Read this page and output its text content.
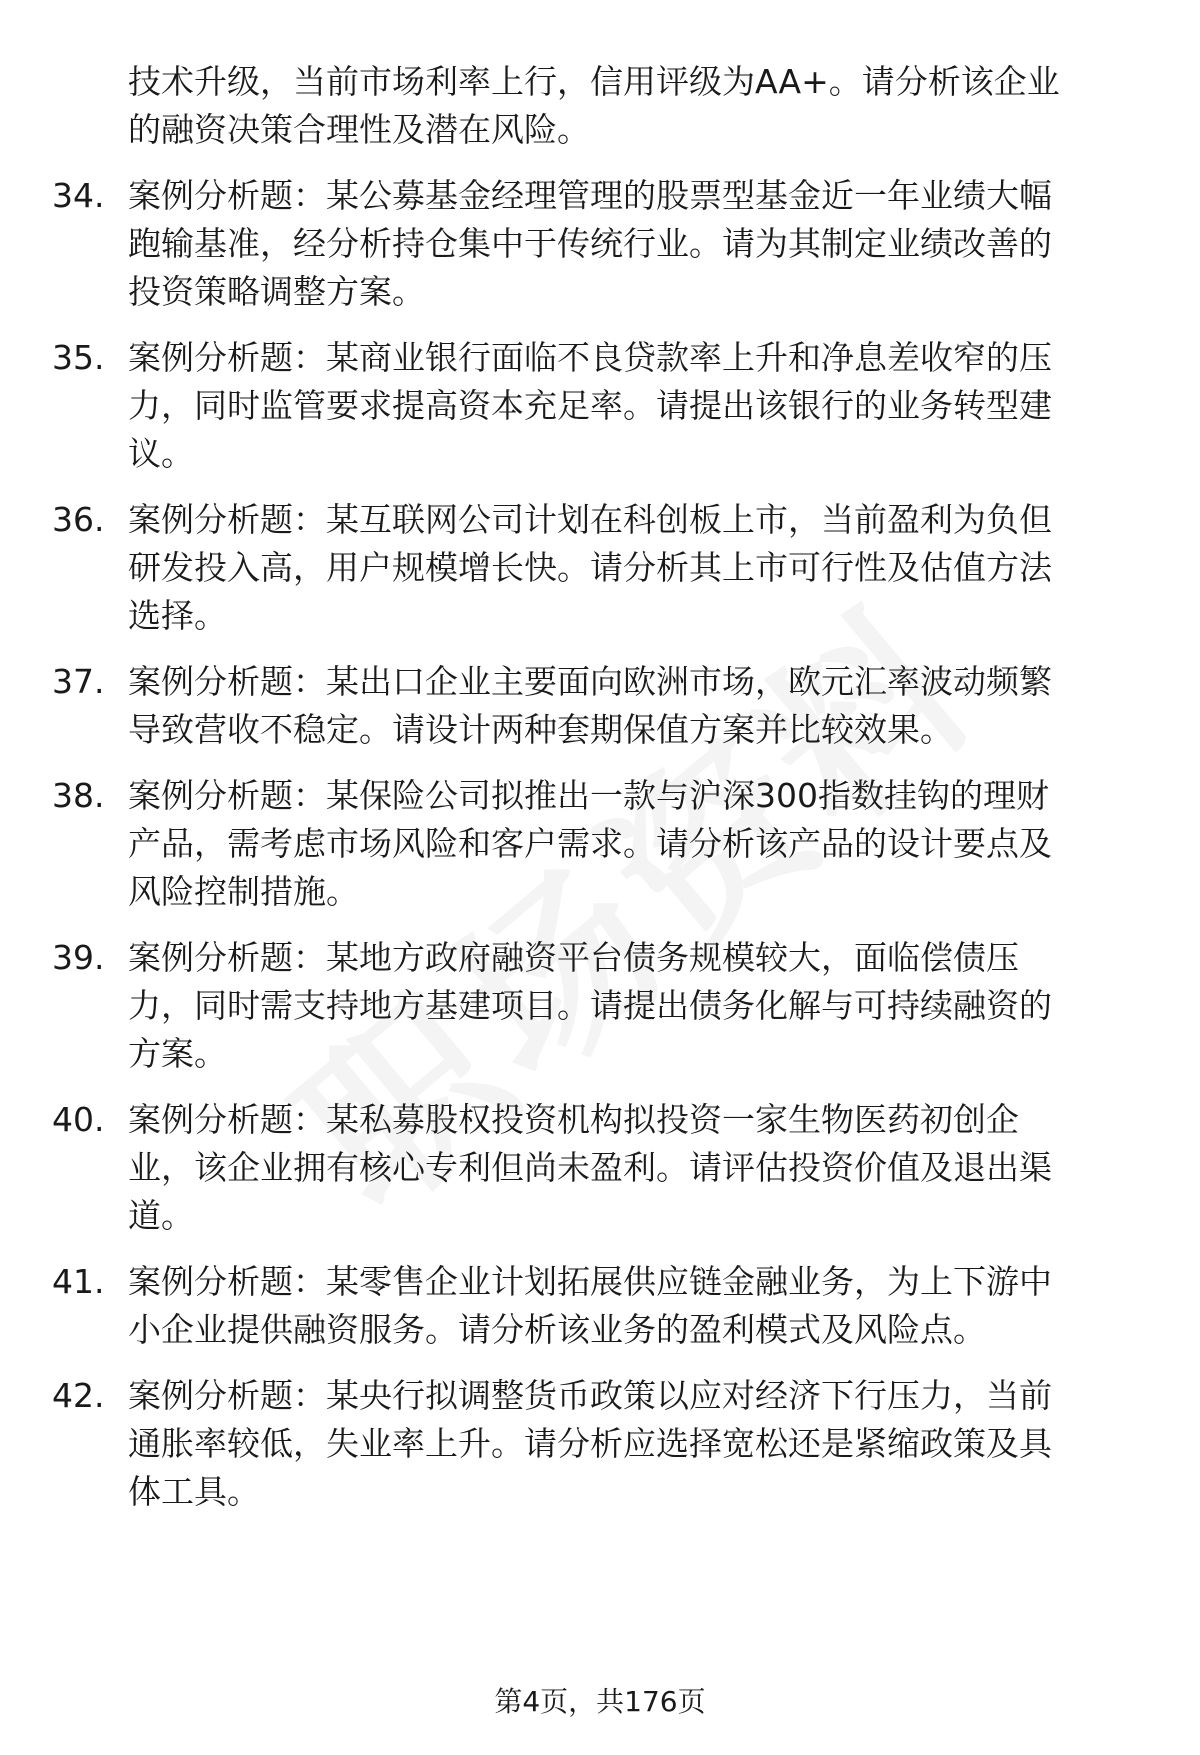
技术升级，当前市场利率上行，信用评级为AA+。请分析该企业
的融资决策合理性及潜在风险。
34. 案例分析题：某公募基金经理管理的股票型基金近一年业绩大幅
跑输基准，经分析持仓集中于传统行业。请为其制定业绩改善的
投资策略调整方案。
35. 案例分析题：某商业银行面临不良贷款率上升和净息差收窄的压
力，同时监管要求提高资本充足率。请提出该银行的业务转型建
议。
36. 案例分析题：某互联网公司计划在科创板上市，当前盈利为负但
研发投入高，用户规模增长快。请分析其上市可行性及估值方法
选择。
37. 案例分析题：某出口企业主要面向欧洲市场，欧元汇率波动频繁
导致营收不稳定。请设计两种套期保值方案并比较效果。
38. 案例分析题：某保险公司拟推出一款与沪深300指数挂钩的理财
产品，需考虑市场风险和客户需求。请分析该产品的设计要点及
风险控制措施。
39. 案例分析题：某地方政府融资平台债务规模较大，面临偿债压
力，同时需支持地方基建项目。请提出债务化解与可持续融资的
方案。
40. 案例分析题：某私募股权投资机构拟投资一家生物医药初创企
业，该企业拥有核心专利但尚未盈利。请评估投资价值及退出渠
道。
41. 案例分析题：某零售企业计划拓展供应链金融业务，为上下游中
小企业提供融资服务。请分析该业务的盈利模式及风险点。
42. 案例分析题：某央行拟调整货币政策以应对经济下行压力，当前
通胀率较低，失业率上升。请分析应选择宽松还是紧缩政策及具
体工具。
第4页，共176页
